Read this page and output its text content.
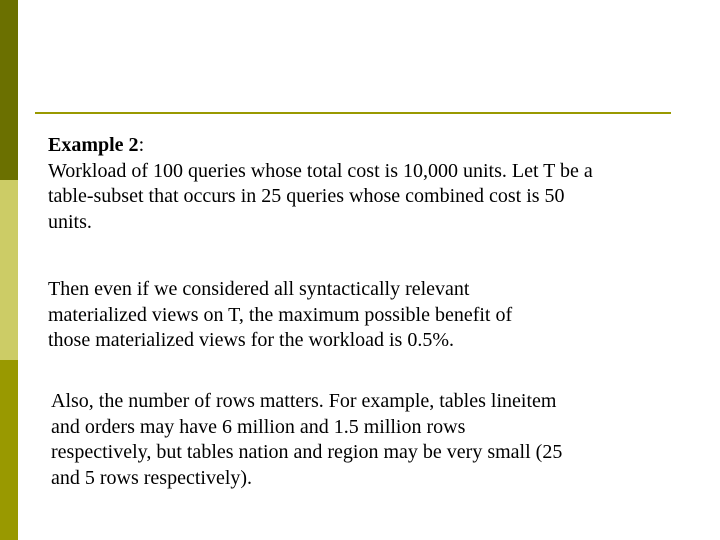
Example 2:
Workload of 100 queries whose total cost is 10,000 units. Let T be a
table-subset that occurs in 25 queries whose combined cost is 50
units.
Then even if we considered all syntactically relevant
materialized views on T, the maximum possible benefit of
those materialized views for the workload is 0.5%.
Also, the number of rows matters. For example, tables lineitem
and orders may have 6 million and 1.5 million rows
respectively, but tables nation and region may be very small (25
and 5 rows respectively).
